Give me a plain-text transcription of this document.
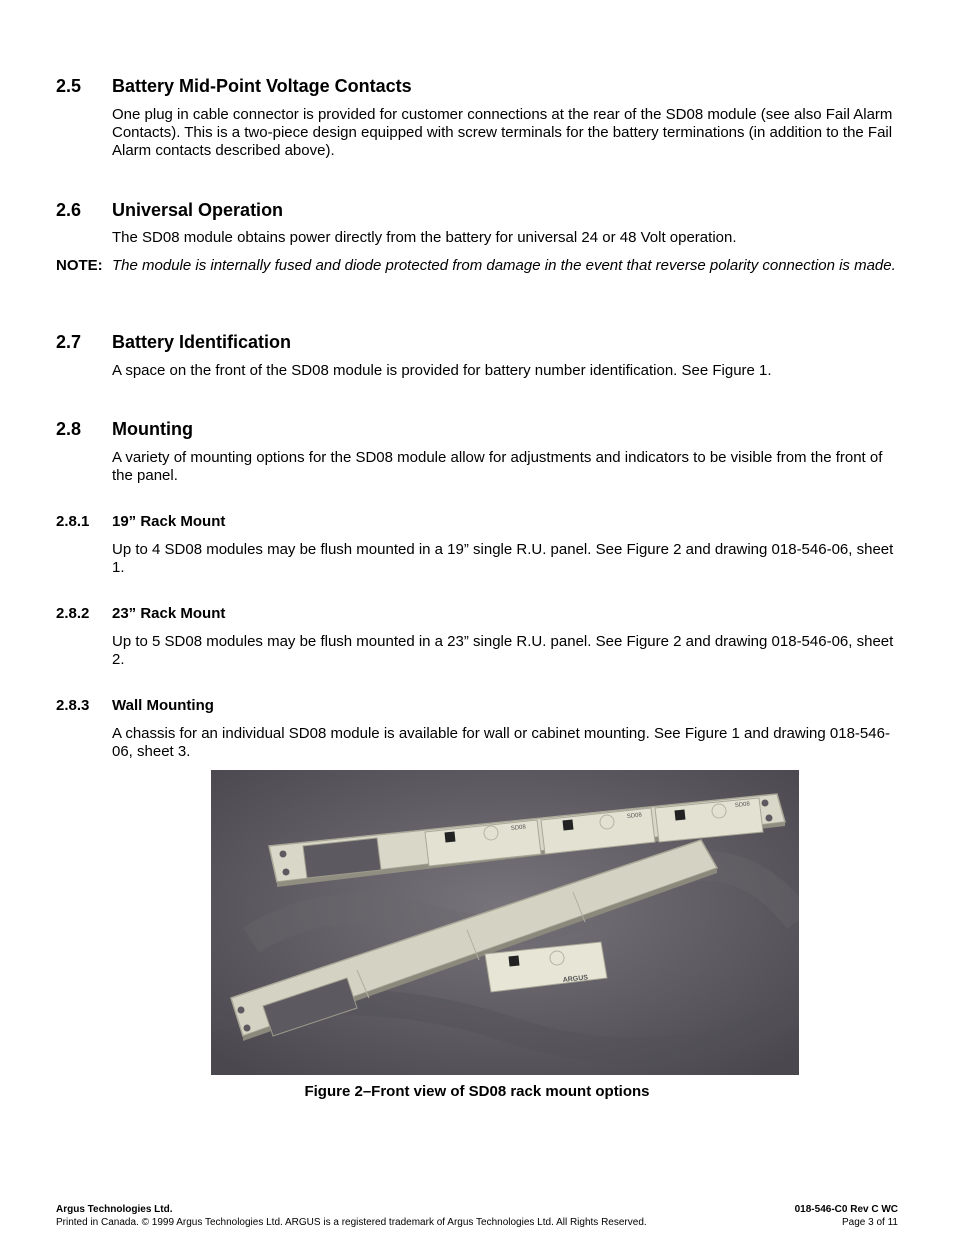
2.5 Battery Mid-Point Voltage Contacts

One plug in cable connector is provided for customer connections at the rear of the SD08 module (see also Fail Alarm Contacts). This is a two-piece design equipped with screw terminals for the battery terminations (in addition to the Fail Alarm contacts described above).

2.6 Universal Operation

The SD08 module obtains power directly from the battery for universal 24 or 48 Volt operation.

NOTE: The module is internally fused and diode protected from damage in the event that reverse polarity connection is made.
2.7 Battery Identification

A space on the front of the SD08 module is provided for battery number identification. See Figure 1.

2.8 Mounting

A variety of mounting options for the SD08 module allow for adjustments and indicators to be visible from the front of the panel.

2.8.1 19” Rack Mount

Up to 4 SD08 modules may be flush mounted in a 19” single R.U. panel. See Figure 2 and drawing 018-546-06, sheet 1.

2.8.2 23” Rack Mount

Up to 5 SD08 modules may be flush mounted in a 23” single R.U. panel. See Figure 2 and drawing 018-546-06, sheet 2.

2.8.3 Wall Mounting

A chassis for an individual SD08 module is available for wall or cabinet mounting. See Figure 1 and drawing 018-546-06, sheet 3.

SD08
SD08
SD08
ARGUS

Figure 2–Front view of SD08 rack mount options

Argus Technologies Ltd.
Printed in Canada. © 1999 Argus Technologies Ltd. ARGUS is a registered trademark of Argus Technologies Ltd. All Rights Reserved.
018-546-C0 Rev C WC
Page 3 of 11
